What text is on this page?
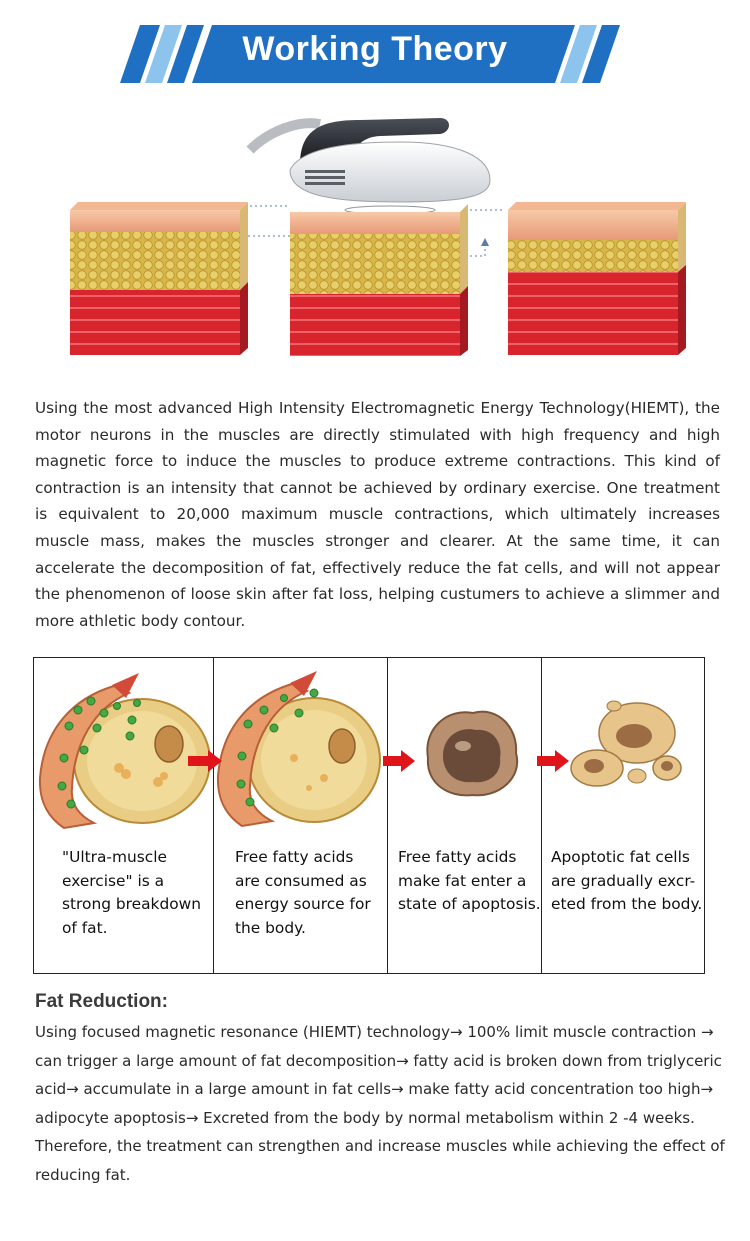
Working Theory

Using the most advanced High Intensity Electromagnetic Energy Technology(HIEMT), the motor neurons in the muscles are directly stimulated with high frequency and high magnetic force to induce the muscles to produce extreme contractions. This kind of contraction is an intensity that cannot be achieved by ordinary exercise. One treatment is equivalent to 20,000 maximum muscle contractions, which ultimately increases muscle mass, makes the muscles stronger and clearer. At the same time, it can accelerate the decomposition of fat, effectively reduce the fat cells, and will not appear the phenomenon of loose skin after fat loss, helping custumers to achieve a slimmer and more athletic body contour.

"Ultra-muscle
exercise" is a
strong breakdown
of fat.

Free fatty acids
are consumed as
energy source for
the body.

Free fatty acids
make fat enter a
state of apoptosis.

Apoptotic fat cells
are gradually excr-
eted from the body.

Fat Reduction:

Using focused magnetic resonance (HIEMT) technology→ 100% limit muscle contraction → can trigger a large amount of fat decomposition→ fatty acid is broken down from triglyceric acid→ accumulate in a large amount in fat cells→ make fatty acid concentration too high→ adipocyte apoptosis→ Excreted from the body by normal metabolism within 2 -4 weeks.

Therefore, the treatment can strengthen and increase muscles while achieving the effect of reducing fat.
